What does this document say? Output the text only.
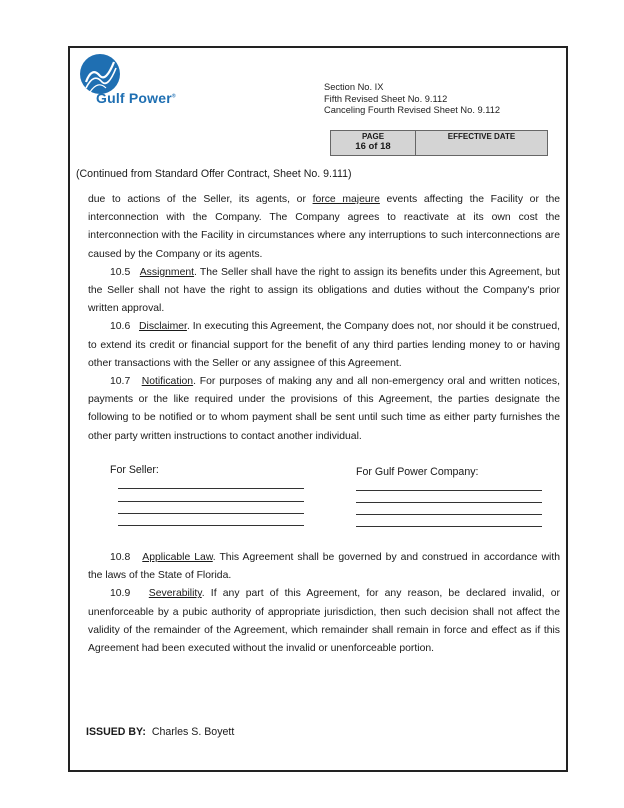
Gulf Power®
Section No. IX
Fifth Revised Sheet No. 9.112
Canceling Fourth Revised Sheet No. 9.112
PAGE
16 of 18
EFFECTIVE DATE
(Continued from Standard Offer Contract, Sheet No. 9.111)

due to actions of the Seller, its agents, or force majeure events affecting the Facility or the interconnection with the Company. The Company agrees to reactivate at its own cost the interconnection with the Facility in circumstances where any interruptions to such interconnections are caused by the Company or its agents.

10.5 Assignment. The Seller shall have the right to assign its benefits under this Agreement, but the Seller shall not have the right to assign its obligations and duties without the Company's prior written approval.

10.6 Disclaimer. In executing this Agreement, the Company does not, nor should it be construed, to extend its credit or financial support for the benefit of any third parties lending money to or having other transactions with the Seller or any assignee of this Agreement.

10.7 Notification. For purposes of making any and all non-emergency oral and written notices, payments or the like required under the provisions of this Agreement, the parties designate the following to be notified or to whom payment shall be sent until such time as either party furnishes the other party written instructions to contact another individual.

For Seller:	For Gulf Power Company:

10.8 Applicable Law. This Agreement shall be governed by and construed in accordance with the laws of the State of Florida.

10.9 Severability. If any part of this Agreement, for any reason, be declared invalid, or unenforceable by a pubic authority of appropriate jurisdiction, then such decision shall not affect the validity of the remainder of the Agreement, which remainder shall remain in force and effect as if this Agreement had been executed without the invalid or unenforceable portion.

ISSUED BY: Charles S. Boyett
